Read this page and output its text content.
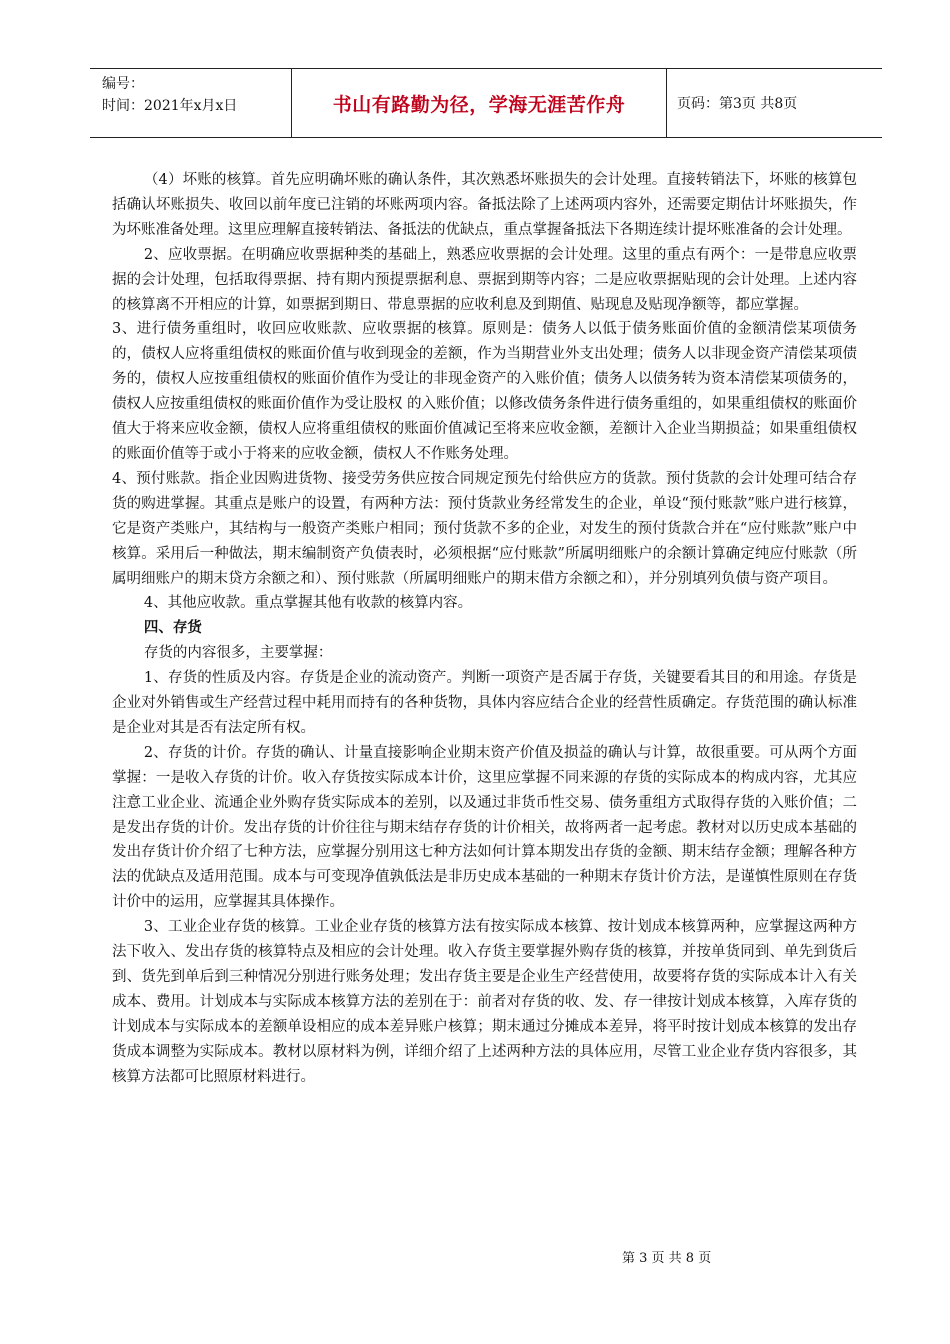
编号：
时间：2021年x月x日	书山有路勤为径，学海无涯苦作舟	页码：第3页 共8页

（4）坏账的核算。首先应明确坏账的确认条件，其次熟悉坏账损失的会计处理。直接转销法下，坏账的核算包括确认坏账损失、收回以前年度已注销的坏账两项内容。备抵法除了上述两项内容外，还需要定期估计坏账损失，作为坏账准备处理。这里应理解直接转销法、备抵法的优缺点，重点掌握备抵法下各期连续计提坏账准备的会计处理。

2、应收票据。在明确应收票据种类的基础上，熟悉应收票据的会计处理。这里的重点有两个：一是带息应收票据的会计处理，包括取得票据、持有期内预提票据利息、票据到期等内容；二是应收票据贴现的会计处理。上述内容的核算离不开相应的计算，如票据到期日、带息票据的应收利息及到期值、贴现息及贴现净额等，都应掌握。

3、进行债务重组时，收回应收账款、应收票据的核算。原则是：债务人以低于债务账面价值的金额清偿某项债务的，债权人应将重组债权的账面价值与收到现金的差额，作为当期营业外支出处理；债务人以非现金资产清偿某项债务的，债权人应按重组债权的账面价值作为受让的非现金资产的入账价值；债务人以债务转为资本清偿某项债务的，债权人应按重组债权的账面价值作为受让股权 的入账价值；以修改债务条件进行债务重组的，如果重组债权的账面价值大于将来应收金额，债权人应将重组债权的账面价值减记至将来应收金额，差额计入企业当期损益；如果重组债权的账面价值等于或小于将来的应收金额，债权人不作账务处理。

4、预付账款。指企业因购进货物、接受劳务供应按合同规定预先付给供应方的货款。预付货款的会计处理可结合存货的购进掌握。其重点是账户的设置，有两种方法：预付货款业务经常发生的企业，单设“预付账款”账户进行核算，它是资产类账户，其结构与一般资产类账户相同；预付货款不多的企业，对发生的预付货款合并在“应付账款”账户中核算。采用后一种做法，期末编制资产负债表时，必须根据“应付账款”所属明细账户的余额计算确定纯应付账款（所属明细账户的期末贷方余额之和）、预付账款（所属明细账户的期末借方余额之和），并分别填列负债与资产项目。

4、其他应收款。重点掌握其他有收款的核算内容。

四、存货

存货的内容很多，主要掌握：

1、存货的性质及内容。存货是企业的流动资产。判断一项资产是否属于存货，关键要看其目的和用途。存货是企业对外销售或生产经营过程中耗用而持有的各种货物，具体内容应结合企业的经营性质确定。存货范围的确认标准是企业对其是否有法定所有权。

2、存货的计价。存货的确认、计量直接影响企业期末资产价值及损益的确认与计算，故很重要。可从两个方面掌握：一是收入存货的计价。收入存货按实际成本计价，这里应掌握不同来源的存货的实际成本的构成内容，尤其应注意工业企业、流通企业外购存货实际成本的差别，以及通过非货币性交易、债务重组方式取得存货的入账价值；二是发出存货的计价。发出存货的计价往往与期末结存存货的计价相关，故将两者一起考虑。教材对以历史成本基础的发出存货计价介绍了七种方法，应掌握分别用这七种方法如何计算本期发出存货的金额、期末结存金额；理解各种方法的优缺点及适用范围。成本与可变现净值孰低法是非历史成本基础的一种期末存货计价方法，是谨慎性原则在存货计价中的运用，应掌握其具体操作。

3、工业企业存货的核算。工业企业存货的核算方法有按实际成本核算、按计划成本核算两种，应掌握这两种方法下收入、发出存货的核算特点及相应的会计处理。收入存货主要掌握外购存货的核算，并按单货同到、单先到货后到、货先到单后到三种情况分别进行账务处理；发出存货主要是企业生产经营使用，故要将存货的实际成本计入有关成本、费用。计划成本与实际成本核算方法的差别在于：前者对存货的收、发、存一律按计划成本核算，入库存货的计划成本与实际成本的差额单设相应的成本差异账户核算；期末通过分摊成本差异，将平时按计划成本核算的发出存货成本调整为实际成本。教材以原材料为例，详细介绍了上述两种方法的具体应用，尽管工业企业存货内容很多，其核算方法都可比照原材料进行。

第 3 页 共 8 页
